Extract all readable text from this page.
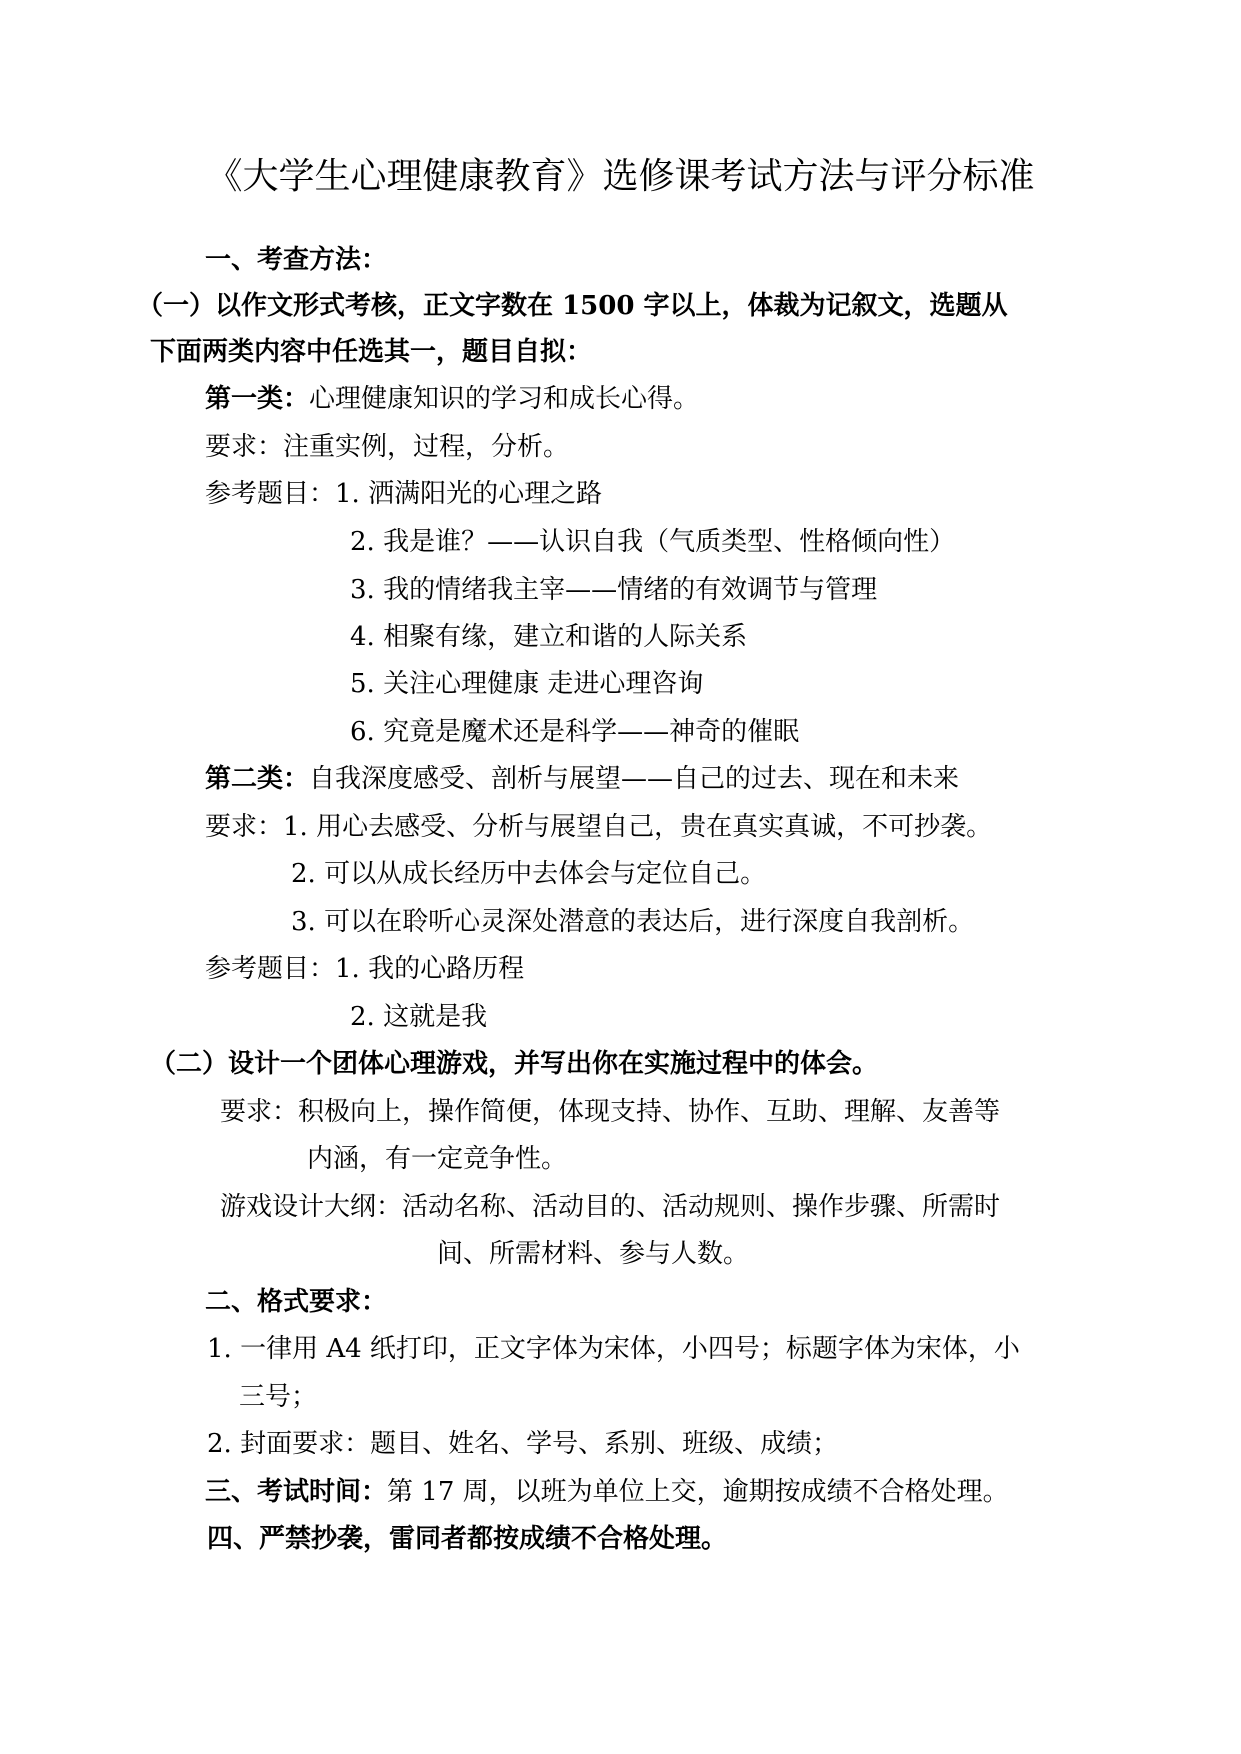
《大学生心理健康教育》选修课考试方法与评分标准
一、考查方法：
（一）以作文形式考核，正文字数在 1500 字以上，体裁为记叙文，选题从
下面两类内容中任选其一，题目自拟：
第一类：心理健康知识的学习和成长心得。
要求：注重实例，过程，分析。
参考题目：1. 洒满阳光的心理之路
2. 我是谁？——认识自我（气质类型、性格倾向性）
3. 我的情绪我主宰——情绪的有效调节与管理
4. 相聚有缘，建立和谐的人际关系
5. 关注心理健康 走进心理咨询
6. 究竟是魔术还是科学——神奇的催眠
第二类：自我深度感受、剖析与展望——自己的过去、现在和未来
要求：1. 用心去感受、分析与展望自己，贵在真实真诚，不可抄袭。
2. 可以从成长经历中去体会与定位自己。
3. 可以在聆听心灵深处潜意的表达后，进行深度自我剖析。
参考题目：1. 我的心路历程
2. 这就是我
（二）设计一个团体心理游戏，并写出你在实施过程中的体会。
要求：积极向上，操作简便，体现支持、协作、互助、理解、友善等
内涵，有一定竞争性。
游戏设计大纲：活动名称、活动目的、活动规则、操作步骤、所需时
间、所需材料、参与人数。
二、格式要求：
1. 一律用 A4 纸打印，正文字体为宋体，小四号；标题字体为宋体，小
三号；
2. 封面要求：题目、姓名、学号、系别、班级、成绩；
三、考试时间：第 17 周，以班为单位上交，逾期按成绩不合格处理。
四、严禁抄袭，雷同者都按成绩不合格处理。
